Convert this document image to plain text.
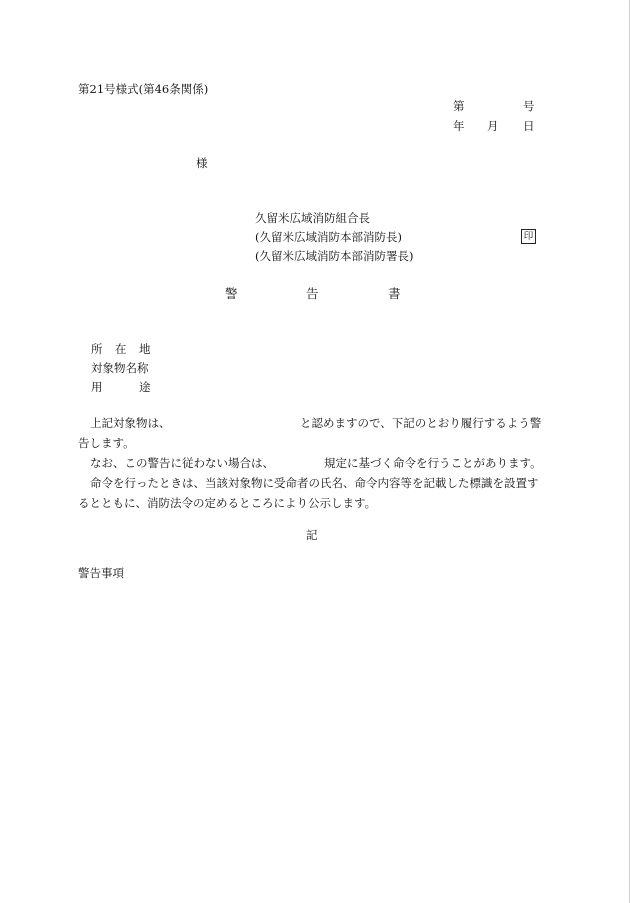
第21号様式(第46条関係)
第	号
年 月 日
様
久留米広域消防組合長
(久留米広域消防本部消防長)	印
(久留米広域消防本部消防署長)
警	告	書
所 在 地
対象物名称
用	途
上記対象物は、	と認めますので、下記のとおり履行するよう警
告します。
なお、この警告に従わない場合は、	規定に基づく命令を行うことがあります。
命令を行ったときは、当該対象物に受命者の氏名、命令内容等を記載した標識を設置す
るとともに、消防法令の定めるところにより公示します。
記
警告事項
